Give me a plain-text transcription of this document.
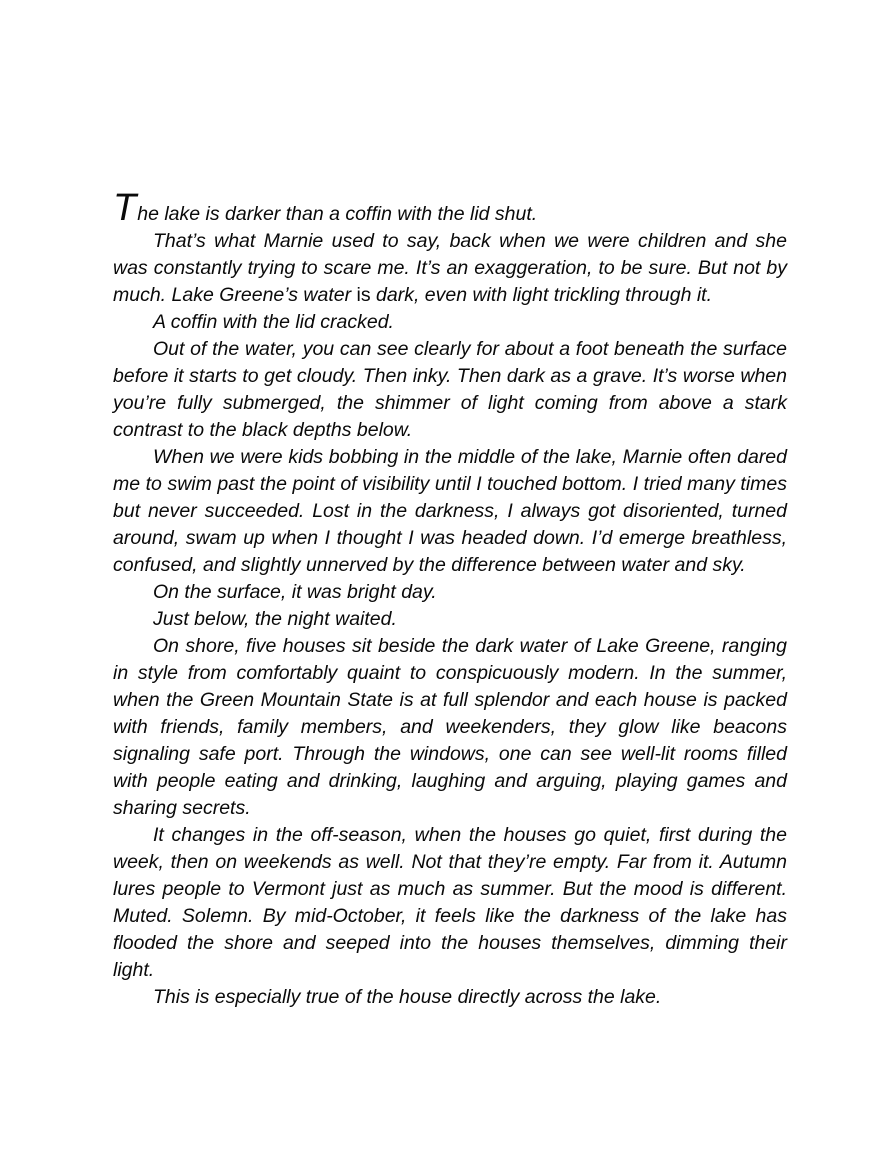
The lake is darker than a coffin with the lid shut.

That’s what Marnie used to say, back when we were children and she was constantly trying to scare me. It’s an exaggeration, to be sure. But not by much. Lake Greene’s water is dark, even with light trickling through it.

A coffin with the lid cracked.

Out of the water, you can see clearly for about a foot beneath the surface before it starts to get cloudy. Then inky. Then dark as a grave. It’s worse when you’re fully submerged, the shimmer of light coming from above a stark contrast to the black depths below.

When we were kids bobbing in the middle of the lake, Marnie often dared me to swim past the point of visibility until I touched bottom. I tried many times but never succeeded. Lost in the darkness, I always got disoriented, turned around, swam up when I thought I was headed down. I’d emerge breathless, confused, and slightly unnerved by the difference between water and sky.

On the surface, it was bright day.

Just below, the night waited.

On shore, five houses sit beside the dark water of Lake Greene, ranging in style from comfortably quaint to conspicuously modern. In the summer, when the Green Mountain State is at full splendor and each house is packed with friends, family members, and weekenders, they glow like beacons signaling safe port. Through the windows, one can see well-lit rooms filled with people eating and drinking, laughing and arguing, playing games and sharing secrets.

It changes in the off-season, when the houses go quiet, first during the week, then on weekends as well. Not that they’re empty. Far from it. Autumn lures people to Vermont just as much as summer. But the mood is different. Muted. Solemn. By mid-October, it feels like the darkness of the lake has flooded the shore and seeped into the houses themselves, dimming their light.

This is especially true of the house directly across the lake.
